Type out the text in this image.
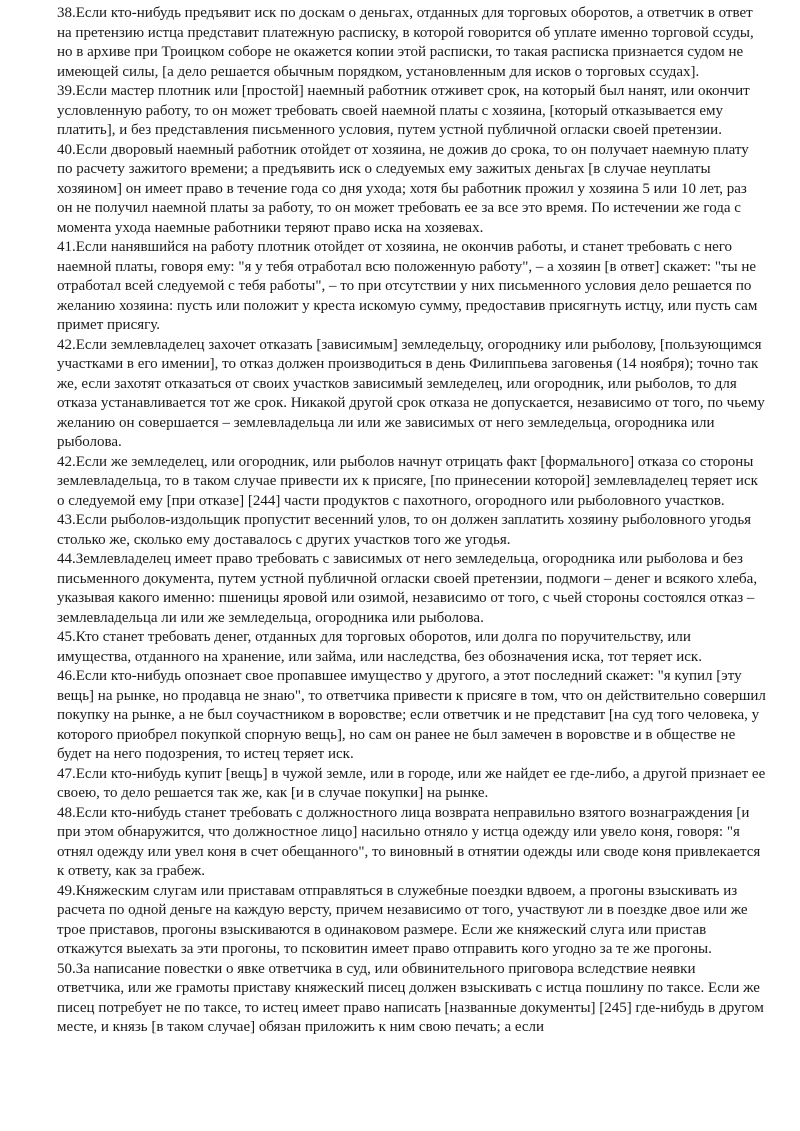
38.Если кто-нибудь предъявит иск по доскам о деньгах, отданных для торговых оборотов, а ответчик в ответ на претензию истца представит платежную расписку, в которой говорится об уплате именно торговой ссуды, но в архиве при Троицком соборе не окажется копии этой расписки, то такая расписка признается судом не имеющей силы, [а дело решается обычным порядком, установленным для исков о торговых ссудах].

39.Если мастер плотник или [простой] наемный работник отживет срок, на который был нанят, или окончит условленную работу, то он может требовать своей наемной платы с хозяина, [который отказывается ему платить], и без представления письменного условия, путем устной публичной огласки своей претензии.

40.Если дворовый наемный работник отойдет от хозяина, не дожив до срока, то он получает наемную плату по расчету зажитого времени; а предъявить иск о следуемых ему зажитых деньгах [в случае неуплаты хозяином] он имеет право в течение года со дня ухода; хотя бы работник прожил у хозяина 5 или 10 лет, раз он не получил наемной платы за работу, то он может требовать ее за все это время. По истечении же года с момента ухода наемные работники теряют право иска на хозяевах.

41.Если нанявшийся на работу плотник отойдет от хозяина, не окончив работы, и станет требовать с него наемной платы, говоря ему: "я у тебя отработал всю положенную работу", – а хозяин [в ответ] скажет: "ты не отработал всей следуемой с тебя работы", – то при отсутствии у них письменного условия дело решается по желанию хозяина: пусть или положит у креста искомую сумму, предоставив присягнуть истцу, или пусть сам примет присягу.

42.Если землевладелец захочет отказать [зависимым] земледельцу, огороднику или рыболову, [пользующимся участками в его имении], то отказ должен производиться в день Филиппьева заговенья (14 ноября); точно так же, если захотят отказаться от своих участков зависимый земледелец, или огородник, или рыболов, то для отказа устанавливается тот же срок. Никакой другой срок отказа не допускается, независимо от того, по чьему желанию он совершается – землевладельца ли или же зависимых от него земледельца, огородника или рыболова.

42.Если же земледелец, или огородник, или рыболов начнут отрицать факт [формального] отказа со стороны землевладельца, то в таком случае привести их к присяге, [по принесении которой] землевладелец теряет иск о следуемой ему [при отказе] [244] части продуктов с пахотного, огородного или рыболовного участков.

43.Если рыболов-издольщик пропустит весенний улов, то он должен заплатить хозяину рыболовного угодья столько же, сколько ему доставалось с других участков того же угодья.

44.Землевладелец имеет право требовать с зависимых от него земледельца, огородника или рыболова и без письменного документа, путем устной публичной огласки своей претензии, подмоги – денег и всякого хлеба, указывая какого именно: пшеницы яровой или озимой, независимо от того, с чьей стороны состоялся отказ – землевладельца ли или же земледельца, огородника или рыболова.

45.Кто станет требовать денег, отданных для торговых оборотов, или долга по поручительству, или имущества, отданного на хранение, или займа, или наследства, без обозначения иска, тот теряет иск.

46.Если кто-нибудь опознает свое пропавшее имущество у другого, а этот последний скажет: "я купил [эту вещь] на рынке, но продавца не знаю", то ответчика привести к присяге в том, что он действительно совершил покупку на рынке, а не был соучастником в воровстве; если ответчик и не представит [на суд того человека, у которого приобрел покупкой спорную вещь], но сам он ранее не был замечен в воровстве и в обществе не будет на него подозрения, то истец теряет иск.

47.Если кто-нибудь купит [вещь] в чужой земле, или в городе, или же найдет ее где-либо, а другой признает ее своею, то дело решается так же, как [и в случае покупки] на рынке.

48.Если кто-нибудь станет требовать с должностного лица возврата неправильно взятого вознаграждения [и при этом обнаружится, что должностное лицо] насильно отняло у истца одежду или увело коня, говоря: "я отнял одежду или увел коня в счет обещанного", то виновный в отнятии одежды или своде коня привлекается к ответу, как за грабеж.

49.Княжеским слугам или приставам отправляться в служебные поездки вдвоем, а прогоны взыскивать из расчета по одной деньге на каждую версту, причем независимо от того, участвуют ли в поездке двое или же трое приставов, прогоны взыскиваются в одинаковом размере. Если же княжеский слуга или пристав откажутся выехать за эти прогоны, то псковитин имеет право отправить кого угодно за те же прогоны.

50.За написание повестки о явке ответчика в суд, или обвинительного приговора вследствие неявки ответчика, или же грамоты приставу княжеский писец должен взыскивать с истца пошлину по таксе. Если же писец потребует не по таксе, то истец имеет право написать [названные документы] [245] где-нибудь в другом месте, и князь [в таком случае] обязан приложить к ним свою печать; а если
